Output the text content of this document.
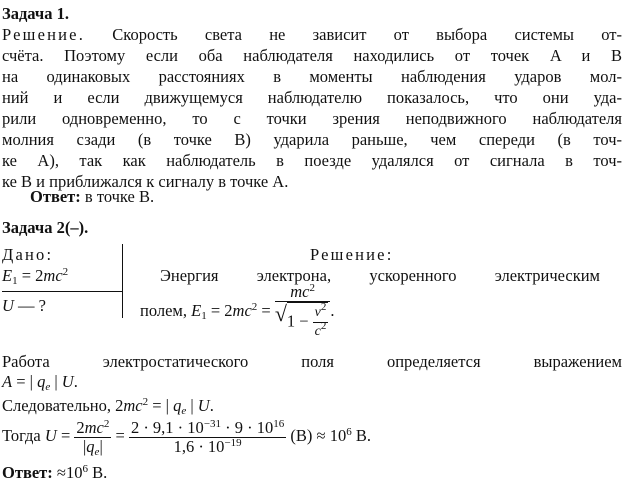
Задача 1.
Решение. Скорость света не зависит от выбора системы от-
счёта. Поэтому если оба наблюдателя находились от точек A и B
на одинаковых расстояниях в моменты наблюдения ударов мол-
ний и если движущемуся наблюдателю показалось, что они уда-
рили одновременно, то с точки зрения неподвижного наблюдателя
молния сзади (в точке B) ударила раньше, чем спереди (в точ-
ке A), так как наблюдатель в поезде удалялся от сигнала в точ-
ке B и приближался к сигналу в точке A.
Ответ: в точке B.
Задача 2(–).
Дано:
$E_1 = 2mc^2$
U — ?
Решение:
Энергия электрона, ускоренного электрическим
полем, $E_1 = 2mc^2$ =
$mc^2$
√ $1 - \frac{v^2}{c^2}$ .
Работа электростатического поля определяется выражением
A = | $q_e$ | U.
Следовательно, $2mc^2$ = | $q_e$ | U.
Тогда $U = \frac{2mc^2}{|q_e|} = \frac{2 \cdot 9,1 \cdot 10^{-31} \cdot 9 \cdot 10^{16}}{1,6 \cdot 10^{-19}} (В) \approx 10^6$ В.
Ответ: $\approx 10^6$ В.
